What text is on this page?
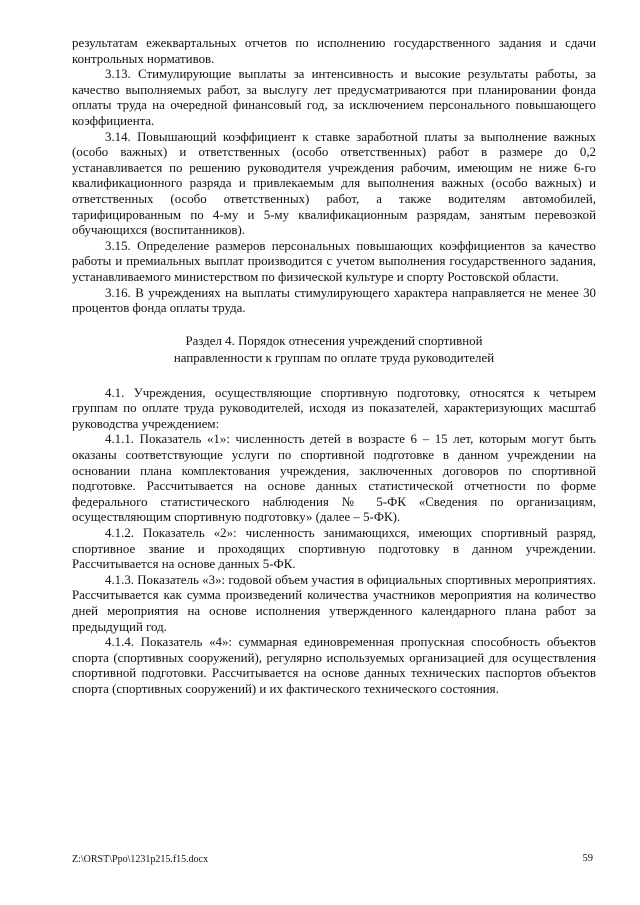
результатам ежеквартальных отчетов по исполнению государственного задания и сдачи контрольных нормативов.

3.13. Стимулирующие выплаты за интенсивность и высокие результаты работы, за качество выполняемых работ, за выслугу лет предусматриваются при планировании фонда оплаты труда на очередной финансовый год, за исключением персонального повышающего коэффициента.

3.14. Повышающий коэффициент к ставке заработной платы за выполнение важных (особо важных) и ответственных (особо ответственных) работ в размере до 0,2 устанавливается по решению руководителя учреждения рабочим, имеющим не ниже 6-го квалификационного разряда и привлекаемым для выполнения важных (особо важных) и ответственных (особо ответственных) работ, а также водителям автомобилей, тарифицированным по 4-му и 5-му квалификационным разрядам, занятым перевозкой обучающихся (воспитанников).

3.15. Определение размеров персональных повышающих коэффициентов за качество работы и премиальных выплат производится с учетом выполнения государственного задания, устанавливаемого министерством по физической культуре и спорту Ростовской области.

3.16. В учреждениях на выплаты стимулирующего характера направляется не менее 30 процентов фонда оплаты труда.

Раздел 4. Порядок отнесения учреждений спортивной
направленности к группам по оплате труда руководителей

4.1. Учреждения, осуществляющие спортивную подготовку, относятся к четырем группам по оплате труда руководителей, исходя из показателей, характеризующих масштаб руководства учреждением:

4.1.1. Показатель «1»: численность детей в возрасте 6 – 15 лет, которым могут быть оказаны соответствующие услуги по спортивной подготовке в данном учреждении на основании плана комплектования учреждения, заключенных договоров по спортивной подготовке. Рассчитывается на основе данных статистической отчетности по форме федерального статистического наблюдения № 5-ФК «Сведения по организациям, осуществляющим спортивную подготовку» (далее – 5-ФК).

4.1.2. Показатель «2»: численность занимающихся, имеющих спортивный разряд, спортивное звание и проходящих спортивную подготовку в данном учреждении. Рассчитывается на основе данных 5-ФК.

4.1.3. Показатель «3»: годовой объем участия в официальных спортивных мероприятиях. Рассчитывается как сумма произведений количества участников мероприятия на количество дней мероприятия на основе исполнения утвержденного календарного плана работ за предыдущий год.

4.1.4. Показатель «4»: суммарная единовременная пропускная способность объектов спорта (спортивных сооружений), регулярно используемых организацией для осуществления спортивной подготовки. Рассчитывается на основе данных технических паспортов объектов спорта (спортивных сооружений) и их фактического технического состояния.

Z:\ORST\Ppo\1231p215.f15.docx	59
